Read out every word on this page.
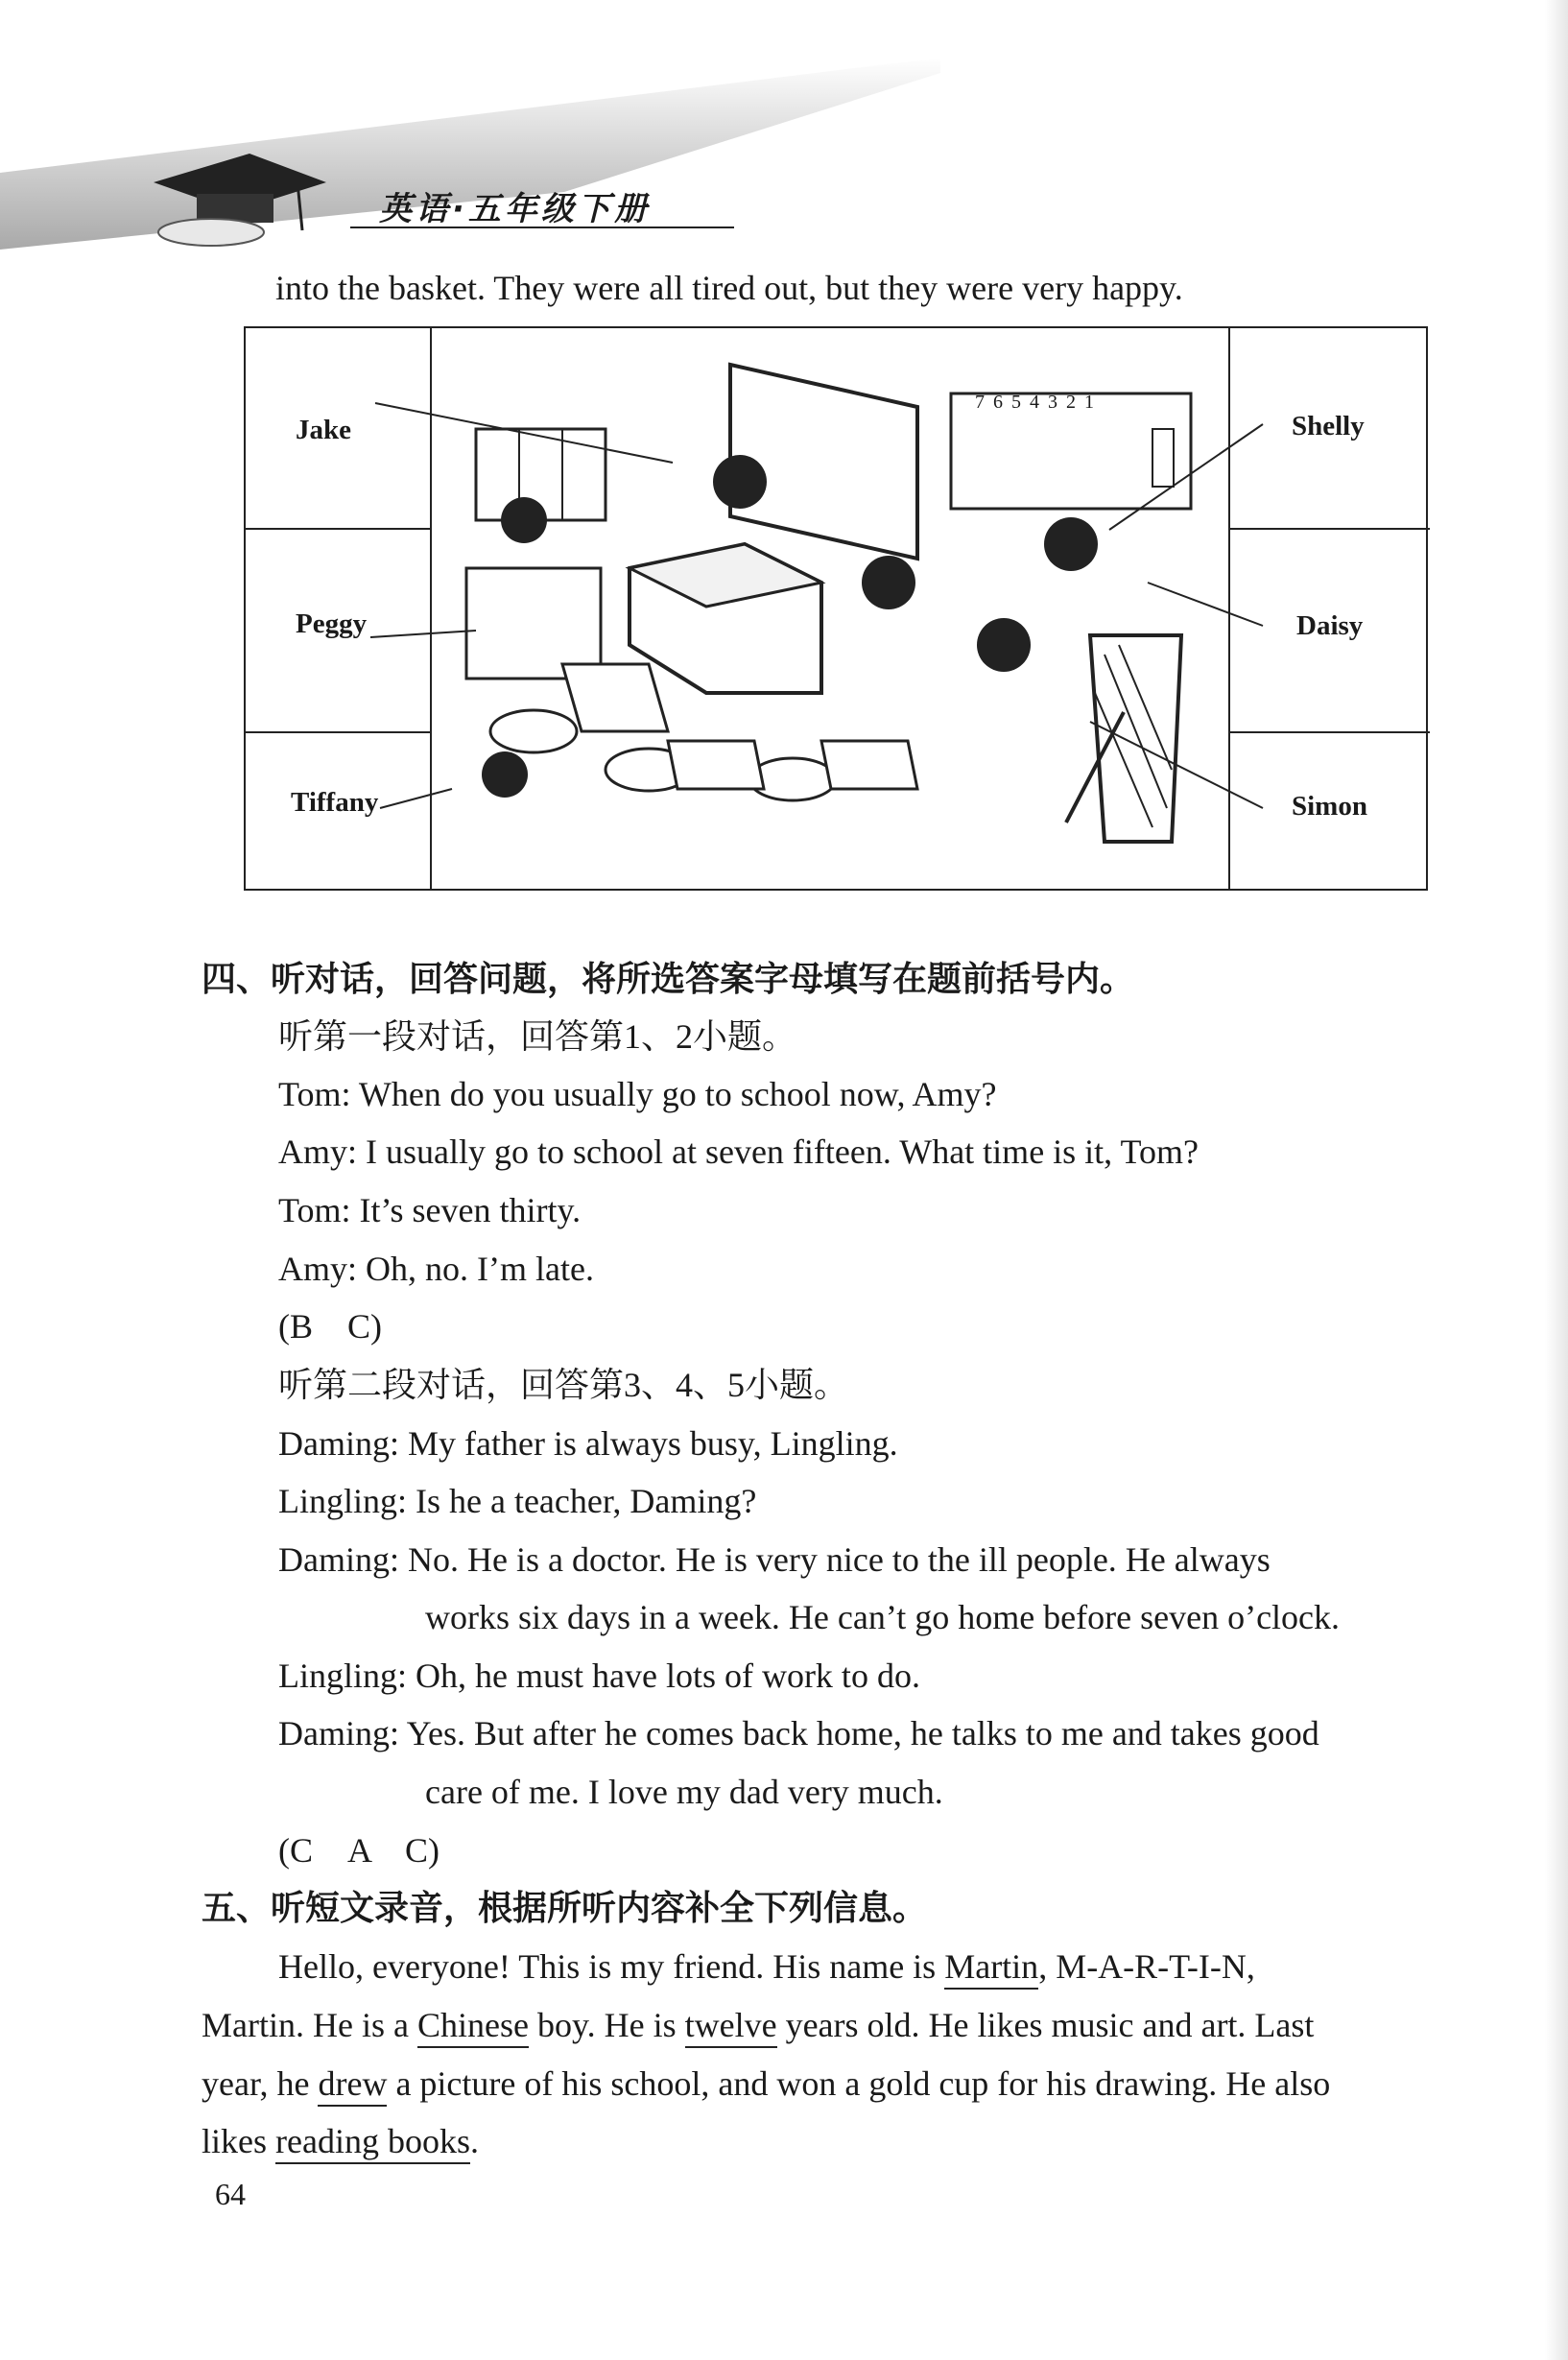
英语·五年级下册
into the basket. They were all tired out, but they were very happy.
Jake
Peggy
Tiffany
Shelly
Daisy
Simon
7 6 5 4 3 2 1
四、听对话，回答问题，将所选答案字母填写在题前括号内。
听第一段对话，回答第1、2小题。
Tom: When do you usually go to school now, Amy?
Amy: I usually go to school at seven fifteen. What time is it, Tom?
Tom: It’s seven thirty.
Amy: Oh, no. I’m late.
(B　C)
听第二段对话，回答第3、4、5小题。
Daming: My father is always busy, Lingling.
Lingling: Is he a teacher, Daming?
Daming: No. He is a doctor. He is very nice to the ill people. He always
works six days in a week. He can’t go home before seven o’clock.
Lingling: Oh, he must have lots of work to do.
Daming: Yes. But after he comes back home, he talks to me and takes good
care of me. I love my dad very much.
(C　A　C)
五、听短文录音，根据所听内容补全下列信息。
Hello, everyone! This is my friend. His name is Martin, M-A-R-T-I-N,
Martin. He is a Chinese boy. He is twelve years old. He likes music and art. Last
year, he drew a picture of his school, and won a gold cup for his drawing. He also
likes reading books.
64
